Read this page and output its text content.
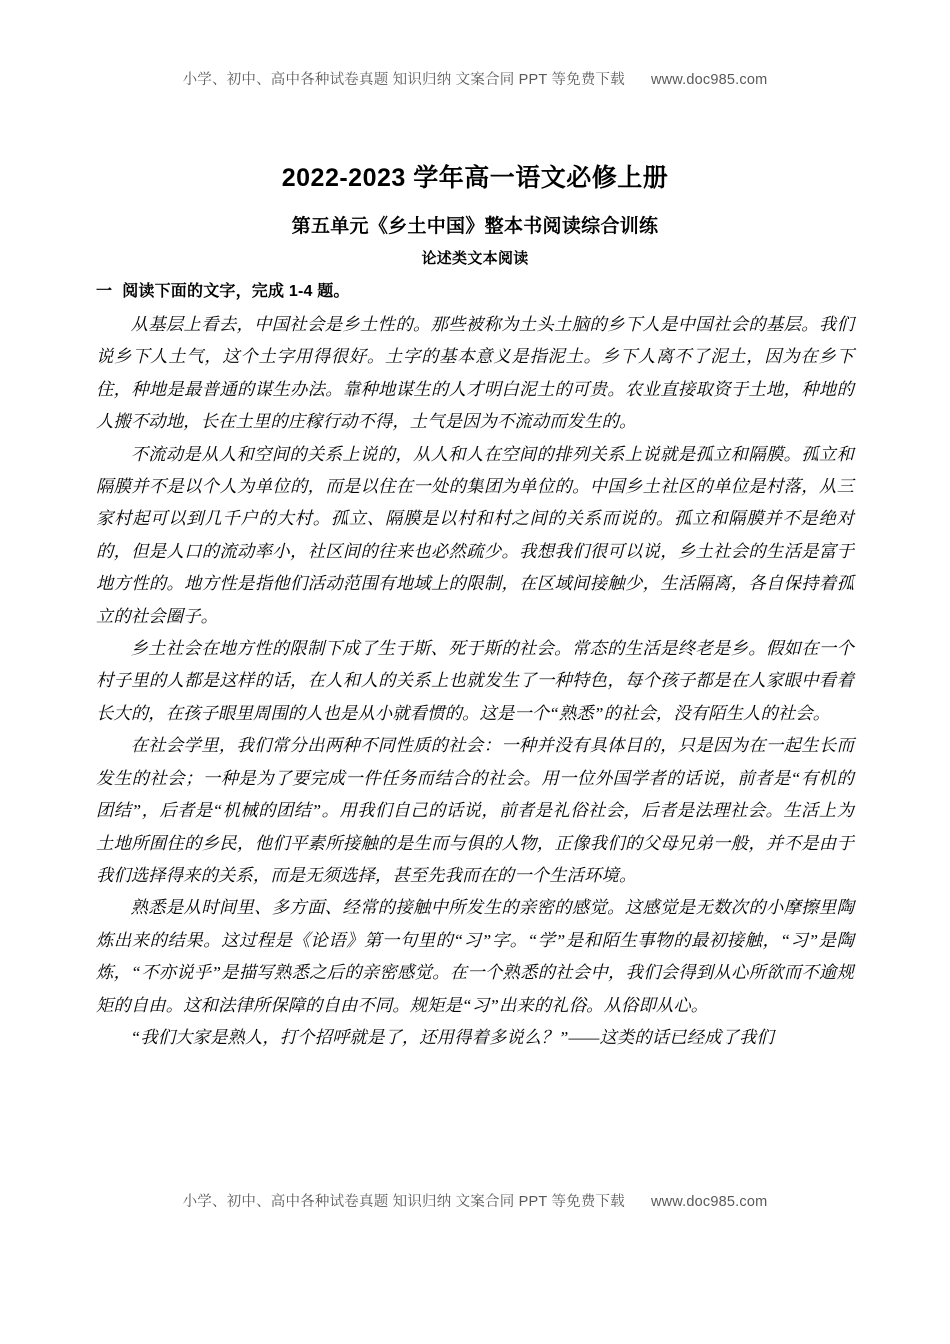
小学、初中、高中各种试卷真题 知识归纳 文案合同 PPT 等免费下载 www.doc985.com
2022-2023 学年高一语文必修上册
第五单元《乡土中国》整本书阅读综合训练
论述类文本阅读
一 阅读下面的文字，完成 1-4 题。

从基层上看去，中国社会是乡土性的。那些被称为土头土脑的乡下人是中国社会的基层。我们说乡下人土气，这个土字用得很好。土字的基本意义是指泥土。乡下人离不了泥土，因为在乡下住，种地是最普通的谋生办法。靠种地谋生的人才明白泥土的可贵。农业直接取资于土地，种地的人搬不动地，长在土里的庄稼行动不得，土气是因为不流动而发生的。

不流动是从人和空间的关系上说的，从人和人在空间的排列关系上说就是孤立和隔膜。孤立和隔膜并不是以个人为单位的，而是以住在一处的集团为单位的。中国乡土社区的单位是村落，从三家村起可以到几千户的大村。孤立、隔膜是以村和村之间的关系而说的。孤立和隔膜并不是绝对的，但是人口的流动率小，社区间的往来也必然疏少。我想我们很可以说，乡土社会的生活是富于地方性的。地方性是指他们活动范围有地域上的限制，在区域间接触少，生活隔离，各自保持着孤立的社会圈子。

乡土社会在地方性的限制下成了生于斯、死于斯的社会。常态的生活是终老是乡。假如在一个村子里的人都是这样的话，在人和人的关系上也就发生了一种特色，每个孩子都是在人家眼中看着长大的，在孩子眼里周围的人也是从小就看惯的。这是一个“熟悉”的社会，没有陌生人的社会。

在社会学里，我们常分出两种不同性质的社会：一种并没有具体目的，只是因为在一起生长而发生的社会；一种是为了要完成一件任务而结合的社会。用一位外国学者的话说，前者是“有机的团结”，后者是“机械的团结”。用我们自己的话说，前者是礼俗社会，后者是法理社会。生活上为土地所囿住的乡民，他们平素所接触的是生而与俱的人物，正像我们的父母兄弟一般，并不是由于我们选择得来的关系，而是无须选择，甚至先我而在的一个生活环境。

熟悉是从时间里、多方面、经常的接触中所发生的亲密的感觉。这感觉是无数次的小摩擦里陶炼出来的结果。这过程是《论语》第一句里的“习”字。“学”是和陌生事物的最初接触，“习”是陶炼，“不亦说乎”是描写熟悉之后的亲密感觉。在一个熟悉的社会中，我们会得到从心所欲而不逾规矩的自由。这和法律所保障的自由不同。规矩是“习”出来的礼俗。从俗即从心。

“我们大家是熟人，打个招呼就是了，还用得着多说么？”——这类的话已经成了我们

小学、初中、高中各种试卷真题 知识归纳 文案合同 PPT 等免费下载 www.doc985.com
